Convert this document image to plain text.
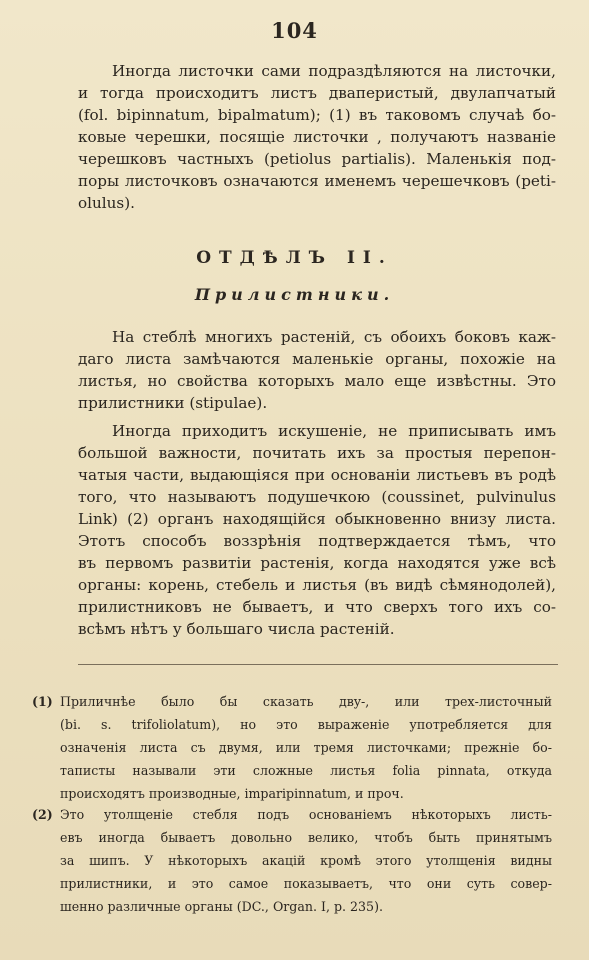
104

Иногда листочки сами подраздѣляются на листочки,
и тогда происходитъ листъ дваперистый, двулапчатый
(fol. bipinnatum, bipalmatum); (1) въ таковомъ случаѣ бо-
ковые черешки, посящіе листочки , получаютъ названіе
черешковъ частныхъ (petiolus partialis). Маленькія под-
поры листочковъ означаются именемъ черешечковъ (peti-
olulus).

ОТДѢЛЪ II.
Прилистники.

На стеблѣ многихъ растеній, съ обоихъ боковъ каж-
даго листа замѣчаются маленькіе органы, похожіе на
листья, но свойства которыхъ мало еще извѣстны. Это
прилистники (stipulae).

Иногда приходитъ искушеніе, не приписывать имъ
большой важности, почитать ихъ за простыя перепон-
чатыя части, выдающіяся при основаніи листьевъ въ родѣ
того, что называютъ подушечкою (coussinet, pulvinulus
Link) (2) органъ находящійся обыкновенно внизу листа.
Этотъ способъ воззрѣнія подтверждается тѣмъ, что
въ первомъ развитіи растенія, когда находятся уже всѣ
органы: корень, стебель и листья (въ видѣ сѣмянодолей),
прилистниковъ не бываетъ, и что сверхъ того ихъ со-
всѣмъ нѣтъ у большаго числа растеній.

(1) Приличнѣе было бы сказать двy-, или трех-листочный
(bi. s. trifoliolatum), но это выраженіе употребляется для
означенія листа съ двумя, или тремя листочками; прежніе бо-
таписты называли эти сложные листья folia pinnata, откуда
происходятъ производные, imparipinnatum, и проч.
(2) Это утолщеніе стебля подъ основаніемъ нѣкоторыхъ листь-
евъ иногда бываетъ довольно велико, чтобъ быть принятымъ
за шипъ. У нѣкоторыхъ акацій кромѣ этого утолщенія видны
прилистники, и это самое показываетъ, что они суть совер-
шенно различные органы (DC., Organ. I, p. 235).
